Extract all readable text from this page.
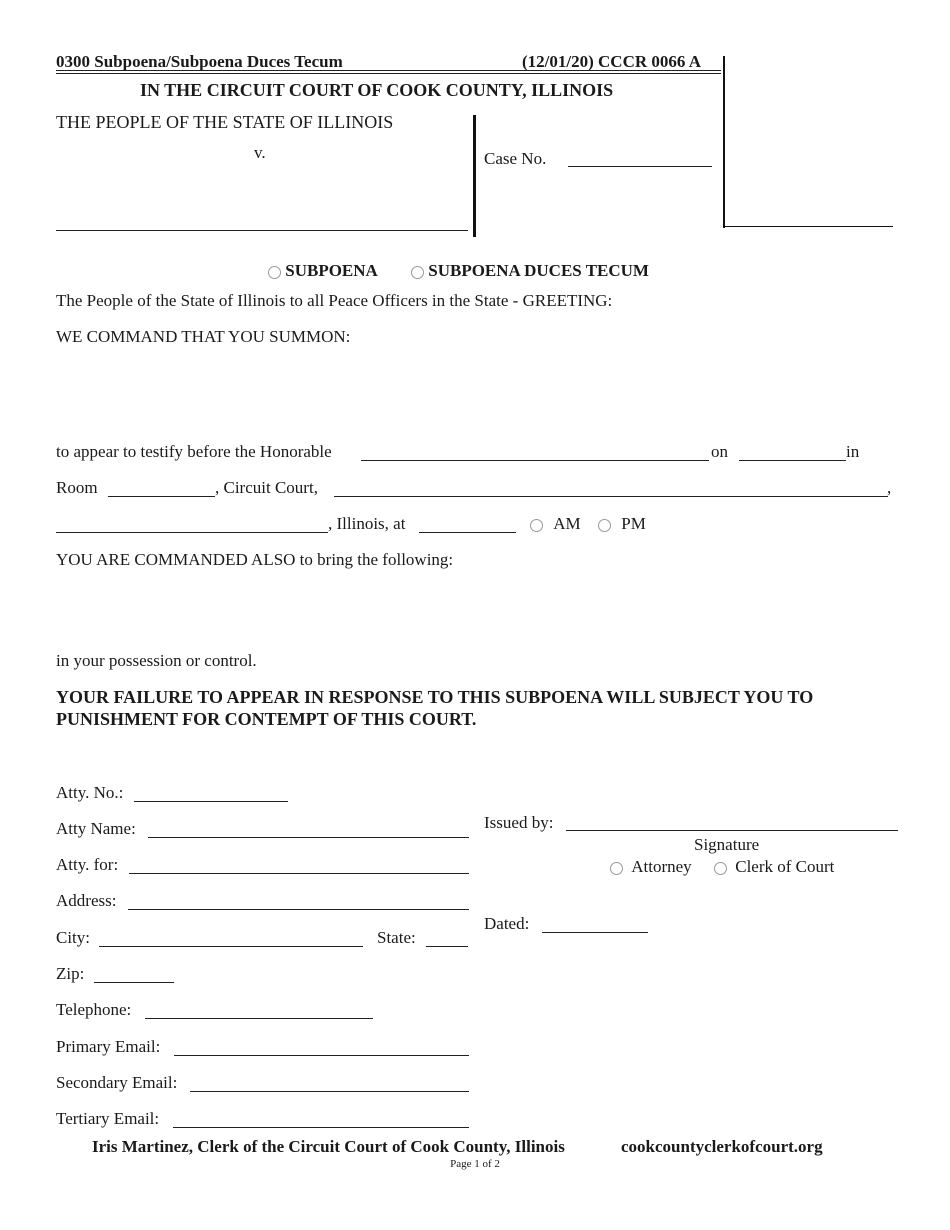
0300 Subpoena/Subpoena Duces Tecum	(12/01/20) CCCR 0066 A
IN THE CIRCUIT COURT OF COOK COUNTY, ILLINOIS
THE PEOPLE OF THE STATE OF ILLINOIS
v.	Case No.
SUBPOENA	SUBPOENA DUCES TECUM
The People of the State of Illinois to all Peace Officers in the State - GREETING:
WE COMMAND THAT YOU SUMMON:
to appear to testify before the Honorable	on	in
Room	, Circuit Court,	,
, Illinois, at	AM	PM
YOU ARE COMMANDED ALSO to bring the following:
in your possession or control.
YOUR FAILURE TO APPEAR IN RESPONSE TO THIS SUBPOENA WILL SUBJECT YOU TO PUNISHMENT FOR CONTEMPT OF THIS COURT.
Atty. No.:
Atty Name:
Atty. for:
Address:
City:	State:
Zip:
Telephone:
Primary Email:
Secondary Email:
Tertiary Email:
Issued by:
Signature
Attorney	Clerk of Court
Dated:
Iris Martinez, Clerk of the Circuit Court of Cook County, Illinois	cookcountyclerkofcourt.org
Page 1 of 2
